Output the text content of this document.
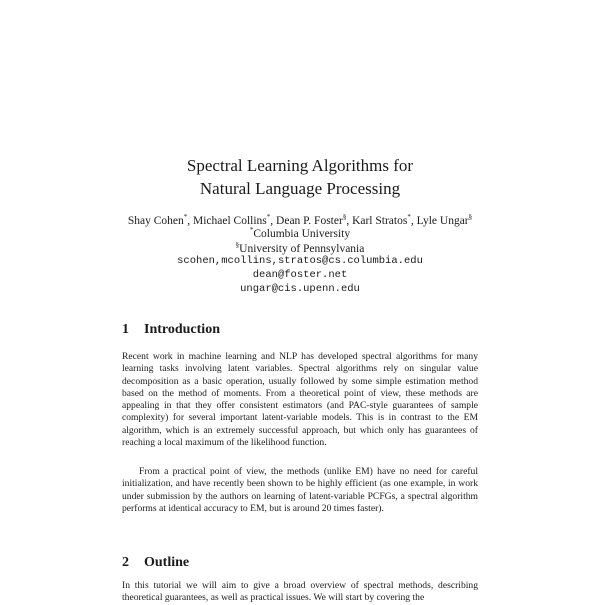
Spectral Learning Algorithms for
Natural Language Processing
Shay Cohen*, Michael Collins*, Dean P. Foster§, Karl Stratos*, Lyle Ungar§
*Columbia University
§University of Pennsylvania
scohen,mcollins,stratos@cs.columbia.edu
dean@foster.net
ungar@cis.upenn.edu
1 Introduction

Recent work in machine learning and NLP has developed spectral algorithms for many learning tasks involving latent variables. Spectral algorithms rely on singular value decomposition as a basic operation, usually followed by some simple estimation method based on the method of moments. From a theoretical point of view, these methods are appealing in that they offer consistent estimators (and PAC-style guarantees of sample complexity) for several important latent-variable models. This is in contrast to the EM algorithm, which is an extremely successful approach, but which only has guarantees of reaching a local maximum of the likelihood function.

From a practical point of view, the methods (unlike EM) have no need for careful initialization, and have recently been shown to be highly efficient (as one example, in work under submission by the authors on learning of latent-variable PCFGs, a spectral algorithm performs at identical accuracy to EM, but is around 20 times faster).

2 Outline

In this tutorial we will aim to give a broad overview of spectral methods, describing theoretical guarantees, as well as practical issues. We will start by covering the
